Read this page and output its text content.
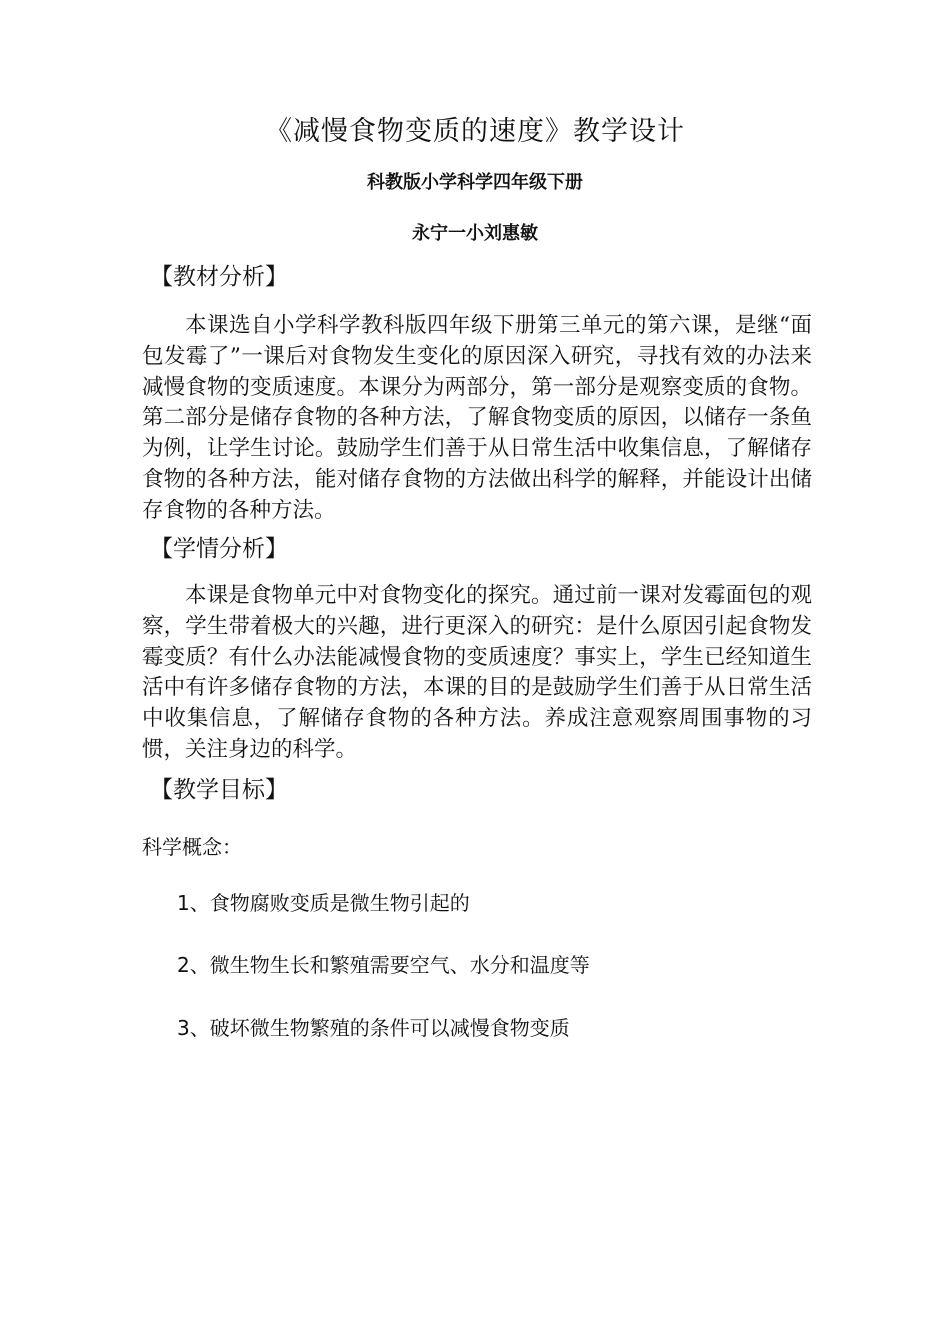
《减慢食物变质的速度》教学设计
科教版小学科学四年级下册
永宁一小刘惠敏
【教材分析】

本课选自小学科学教科版四年级下册第三单元的第六课，是继“面包发霉了”一课后对食物发生变化的原因深入研究，寻找有效的办法来减慢食物的变质速度。本课分为两部分，第一部分是观察变质的食物。第二部分是储存食物的各种方法，了解食物变质的原因，以储存一条鱼为例，让学生讨论。鼓励学生们善于从日常生活中收集信息，了解储存食物的各种方法，能对储存食物的方法做出科学的解释，并能设计出储存食物的各种方法。

【学情分析】

本课是食物单元中对食物变化的探究。通过前一课对发霉面包的观察，学生带着极大的兴趣，进行更深入的研究：是什么原因引起食物发霉变质？有什么办法能减慢食物的变质速度？事实上，学生已经知道生活中有许多储存食物的方法，本课的目的是鼓励学生们善于从日常生活中收集信息，了解储存食物的各种方法。养成注意观察周围事物的习惯，关注身边的科学。

【教学目标】
科学概念：
1、食物腐败变质是微生物引起的
2、微生物生长和繁殖需要空气、水分和温度等
3、破坏微生物繁殖的条件可以减慢食物变质
